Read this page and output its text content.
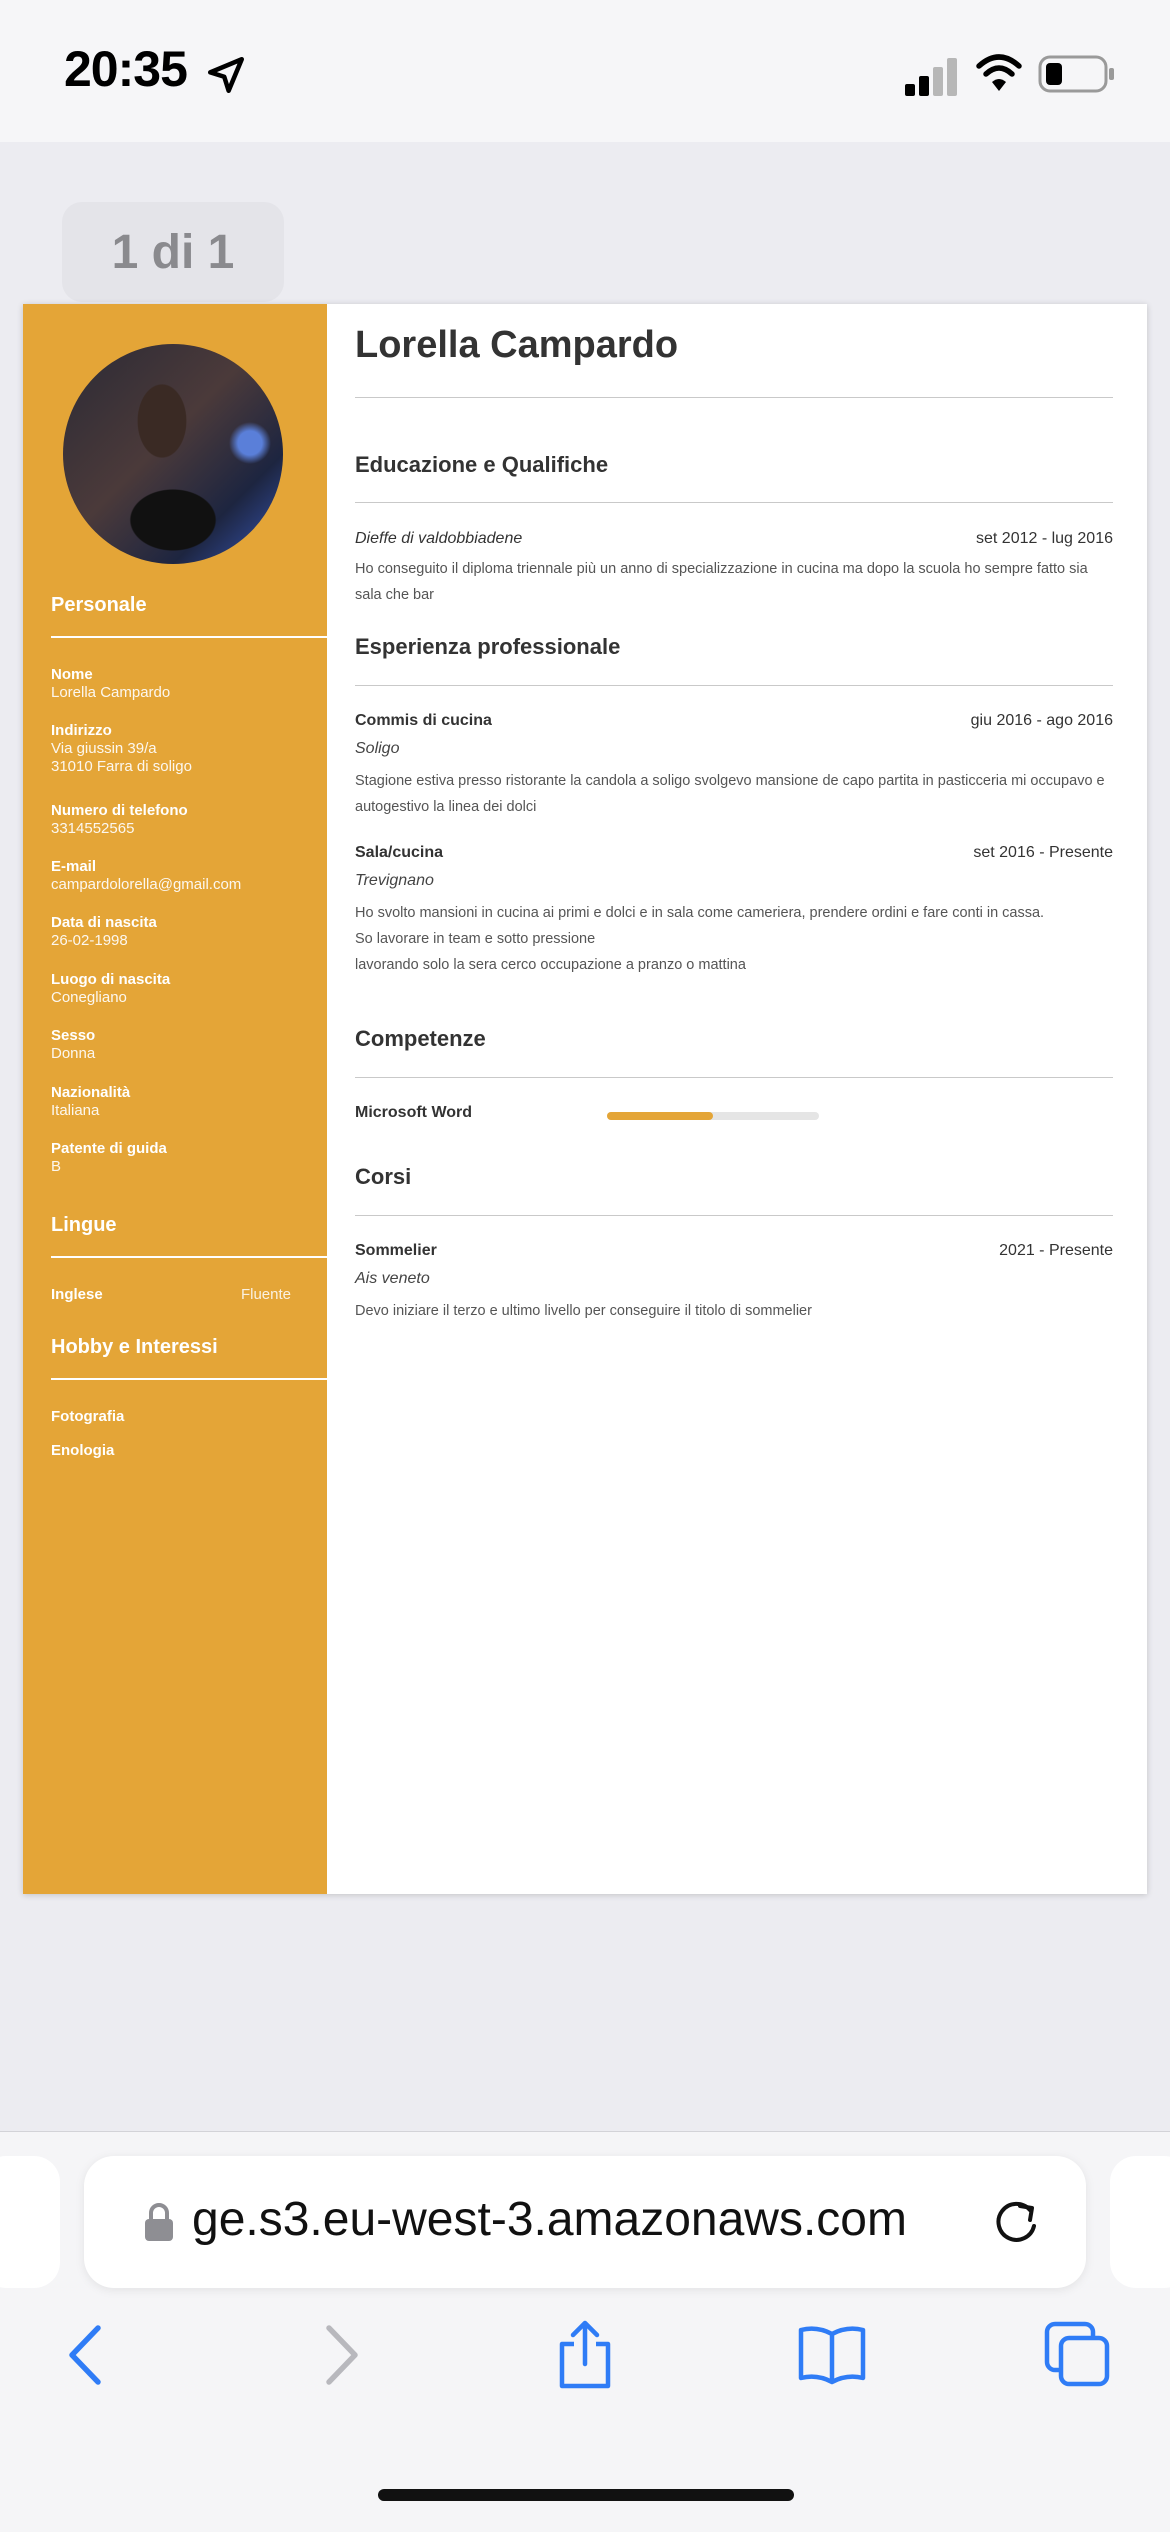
20:35
1 di 1
Personale
Nome
Lorella Campardo
Indirizzo
Via giussin 39/a
31010 Farra di soligo
Numero di telefono
3314552565
E-mail
campardolorella@gmail.com
Data di nascita
26-02-1998
Luogo di nascita
Conegliano
Sesso
Donna
Nazionalità
Italiana
Patente di guida
B
Lingue
Inglese	Fluente
Hobby e Interessi
Fotografia
Enologia
Lorella Campardo
Educazione e Qualifiche
Dieffe di valdobbiadene	set 2012 - lug 2016
Ho conseguito il diploma triennale più un anno di specializzazione in cucina ma dopo la scuola ho sempre fatto sia sala che bar
Esperienza professionale
Commis di cucina	giu 2016 - ago 2016
Soligo
Stagione estiva presso ristorante la candola a soligo svolgevo mansione de capo partita in pasticceria mi occupavo e autogestivo la linea dei dolci
Sala/cucina	set 2016 - Presente
Trevignano
Ho svolto mansioni in cucina ai primi e dolci e in sala come cameriera, prendere ordini e fare conti in cassa.
So lavorare in team e sotto pressione
lavorando solo la sera cerco occupazione a pranzo o mattina
Competenze
Microsoft Word
Corsi
Sommelier	2021 - Presente
Ais veneto
Devo iniziare il terzo e ultimo livello per conseguire il titolo di sommelier
ge.s3.eu-west-3.amazonaws.com
